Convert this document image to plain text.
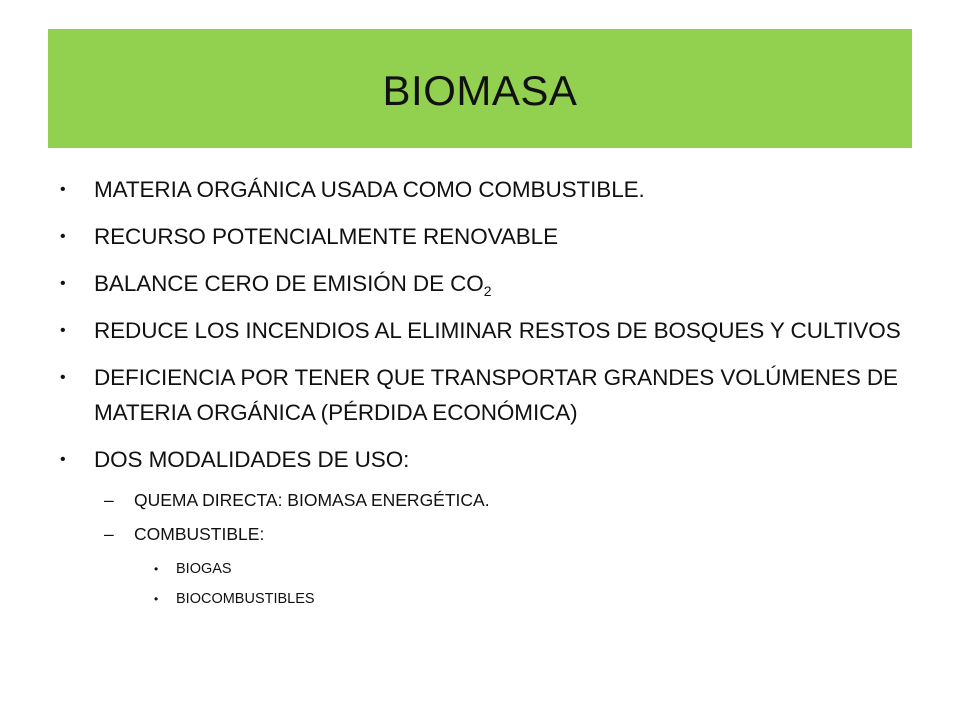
BIOMASA
• MATERIA ORGÁNICA USADA COMO COMBUSTIBLE.
• RECURSO POTENCIALMENTE RENOVABLE
• BALANCE CERO DE EMISIÓN DE $CO_2$
• REDUCE LOS INCENDIOS AL ELIMINAR RESTOS DE BOSQUES Y CULTIVOS
• DEFICIENCIA POR TENER QUE TRANSPORTAR GRANDES VOLÚMENES DE MATERIA ORGÁNICA (PÉRDIDA ECONÓMICA)
• DOS MODALIDADES DE USO:
– QUEMA DIRECTA: BIOMASA ENERGÉTICA.
– COMBUSTIBLE:
• BIOGAS
• BIOCOMBUSTIBLES
